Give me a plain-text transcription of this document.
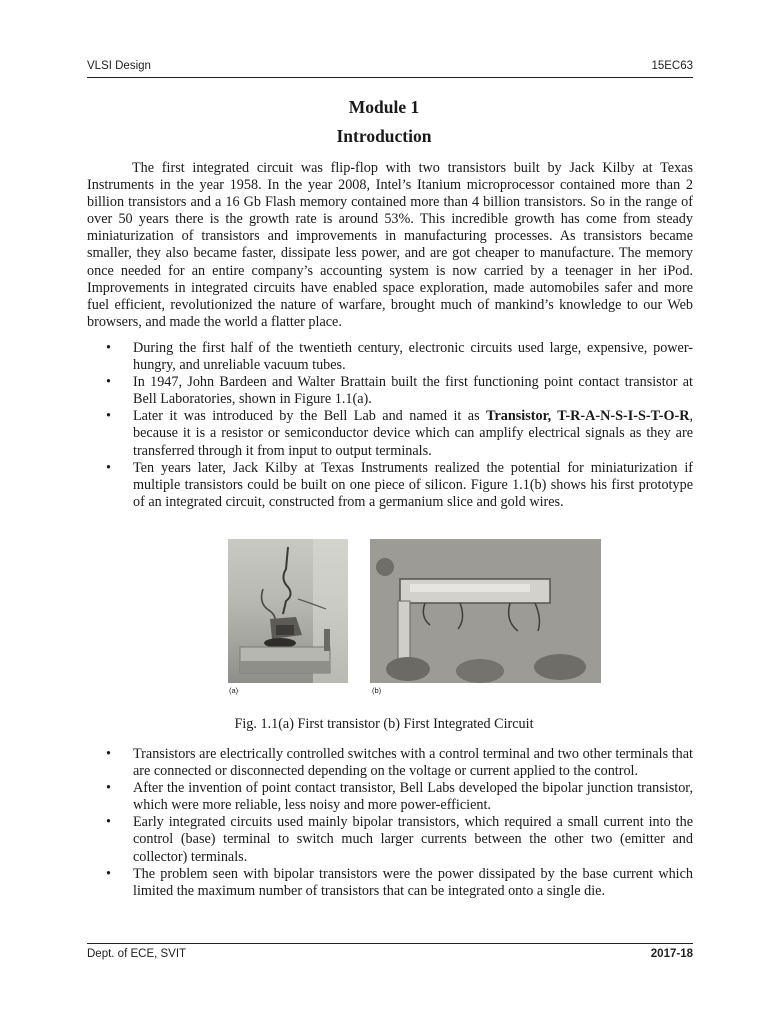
VLSI Design	15EC63
Module 1
Introduction

The first integrated circuit was flip-flop with two transistors built by Jack Kilby at Texas Instruments in the year 1958. In the year 2008, Intel’s Itanium microprocessor contained more than 2 billion transistors and a 16 Gb Flash memory contained more than 4 billion transistors. So in the range of over 50 years there is the growth rate is around 53%. This incredible growth has come from steady miniaturization of transistors and improvements in manufacturing processes. As transistors became smaller, they also became faster, dissipate less power, and are got cheaper to manufacture. The memory once needed for an entire company’s accounting system is now carried by a teenager in her iPod. Improvements in integrated circuits have enabled space exploration, made automobiles safer and more fuel efficient, revolutionized the nature of warfare, brought much of mankind’s knowledge to our Web browsers, and made the world a flatter place.

• During the first half of the twentieth century, electronic circuits used large, expensive, power-hungry, and unreliable vacuum tubes.
• In 1947, John Bardeen and Walter Brattain built the first functioning point contact transistor at Bell Laboratories, shown in Figure 1.1(a).
• Later it was introduced by the Bell Lab and named it as Transistor, T-R-A-N-S-I-S-T-O-R, because it is a resistor or semiconductor device which can amplify electrical signals as they are transferred through it from input to output terminals.
• Ten years later, Jack Kilby at Texas Instruments realized the potential for miniaturization if multiple transistors could be built on one piece of silicon. Figure 1.1(b) shows his first prototype of an integrated circuit, constructed from a germanium slice and gold wires.
(a)	(b)
Fig. 1.1(a) First transistor (b) First Integrated Circuit
• Transistors are electrically controlled switches with a control terminal and two other terminals that are connected or disconnected depending on the voltage or current applied to the control.
• After the invention of point contact transistor, Bell Labs developed the bipolar junction transistor, which were more reliable, less noisy and more power-efficient.
• Early integrated circuits used mainly bipolar transistors, which required a small current into the control (base) terminal to switch much larger currents between the other two (emitter and collector) terminals.
• The problem seen with bipolar transistors were the power dissipated by the base current which limited the maximum number of transistors that can be integrated onto a single die.
Dept. of ECE, SVIT	2017-18
